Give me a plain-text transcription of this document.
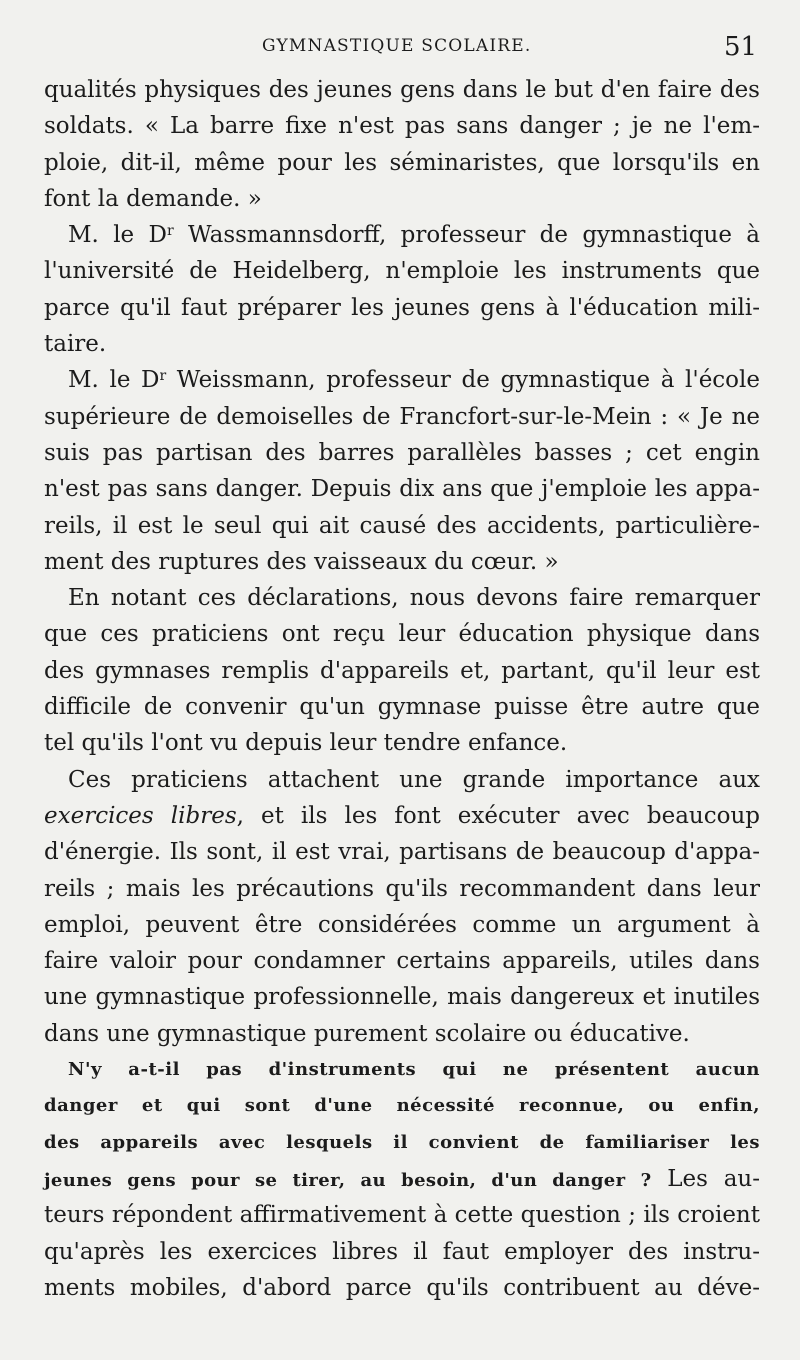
GYMNASTIQUE SCOLAIRE.	51
qualités physiques des jeunes gens dans le but d'en faire des
soldats. « La barre fixe n'est pas sans danger ; je ne l'em-
ploie, dit-il, même pour les séminaristes, que lorsqu'ils en
font la demande. »
M. le $D^r$ Wassmannsdorff, professeur de gymnastique à
l'université de Heidelberg, n'emploie les instruments que
parce qu'il faut préparer les jeunes gens à l'éducation mili-
taire.
M. le $D^r$ Weissmann, professeur de gymnastique à l'école
supérieure de demoiselles de Francfort-sur-le-Mein : « Je ne
suis pas partisan des barres parallèles basses ; cet engin
n'est pas sans danger. Depuis dix ans que j'emploie les appa-
reils, il est le seul qui ait causé des accidents, particulière-
ment des ruptures des vaisseaux du cœur. »
En notant ces déclarations, nous devons faire remarquer
que ces praticiens ont reçu leur éducation physique dans
des gymnases remplis d'appareils et, partant, qu'il leur est
difficile de convenir qu'un gymnase puisse être autre que
tel qu'ils l'ont vu depuis leur tendre enfance.
Ces praticiens attachent une grande importance aux
exercices libres, et ils les font exécuter avec beaucoup
d'énergie. Ils sont, il est vrai, partisans de beaucoup d'appa-
reils ; mais les précautions qu'ils recommandent dans leur
emploi, peuvent être considérées comme un argument à
faire valoir pour condamner certains appareils, utiles dans
une gymnastique professionnelle, mais dangereux et inutiles
dans une gymnastique purement scolaire ou éducative.
N'y a-t-il pas d'instruments qui ne présentent aucun
danger et qui sont d'une nécessité reconnue, ou enfin,
des appareils avec lesquels il convient de familiariser les
jeunes gens pour se tirer, au besoin, d'un danger ? Les au-
teurs répondent affirmativement à cette question ; ils croient
qu'après les exercices libres il faut employer des instru-
ments mobiles, d'abord parce qu'ils contribuent au déve-
